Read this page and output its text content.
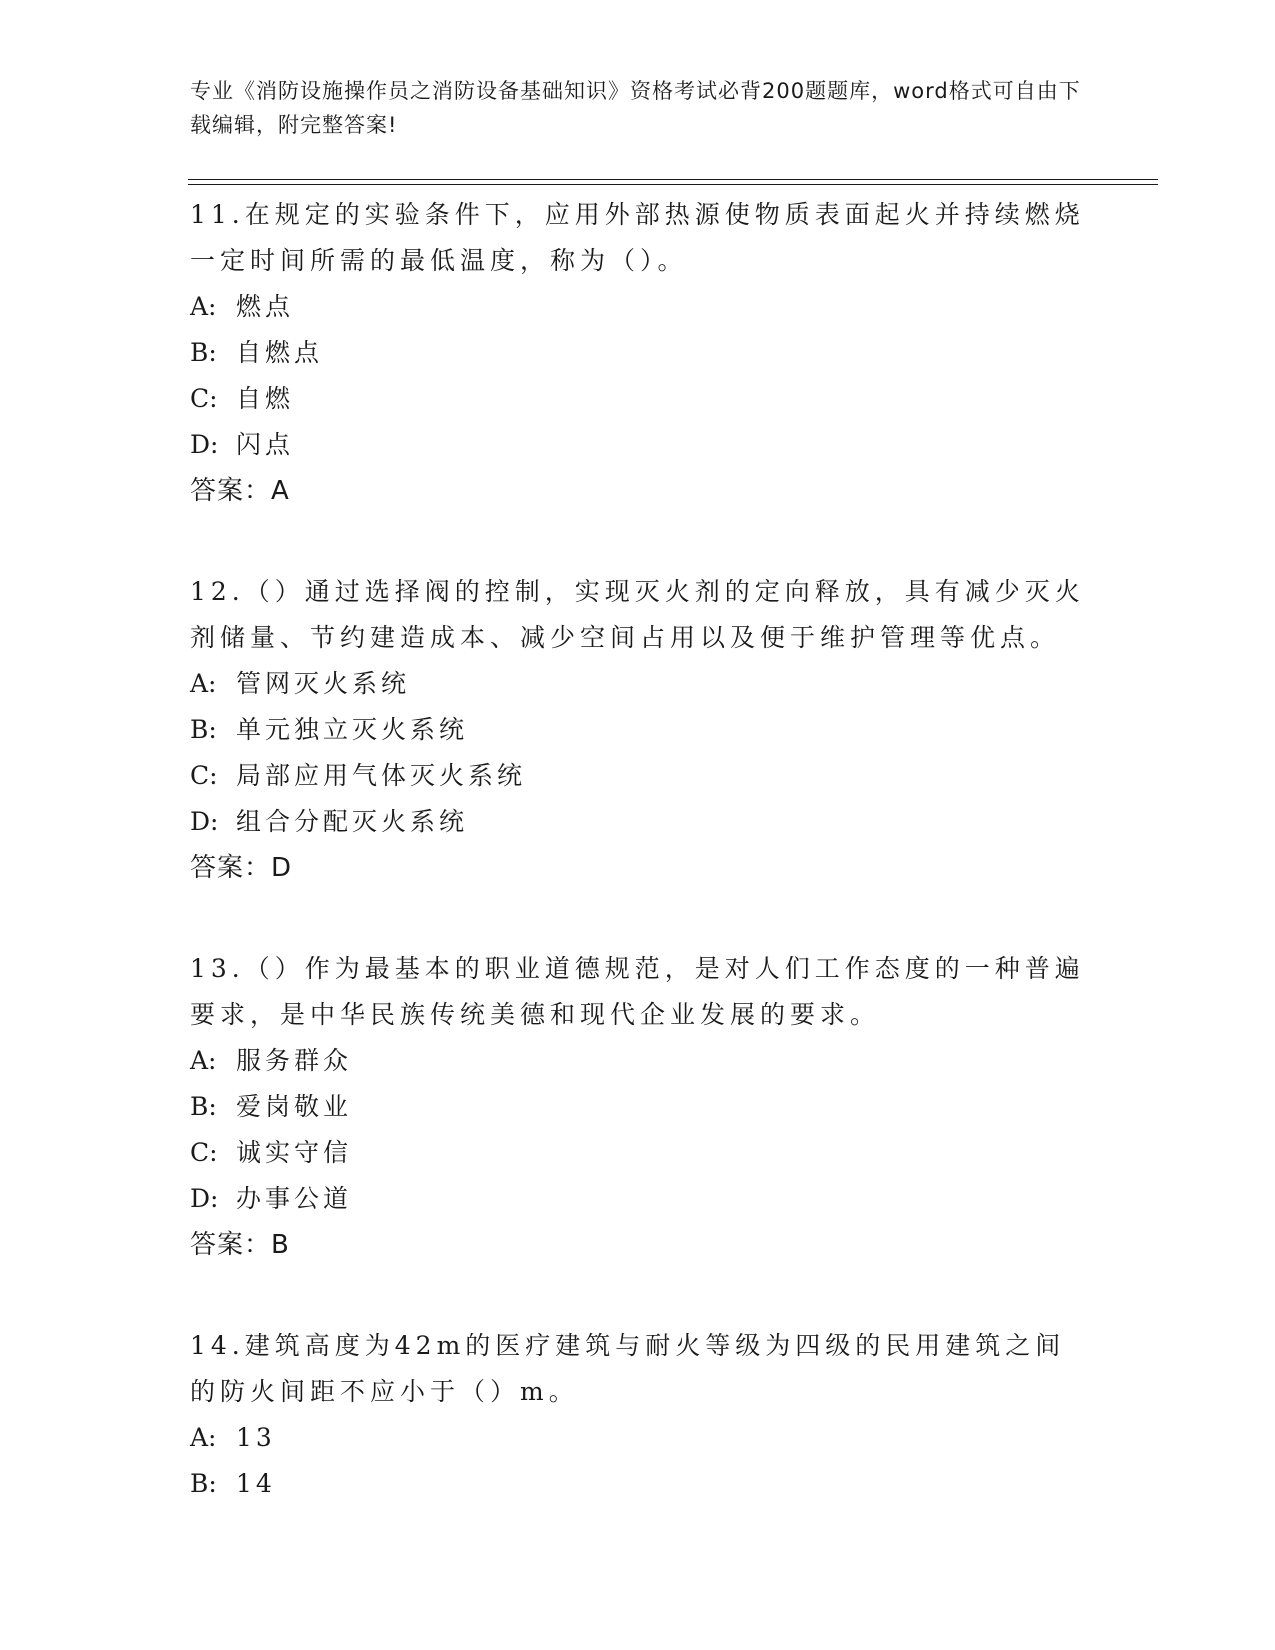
专业《消防设施操作员之消防设备基础知识》资格考试必背200题题库，word格式可自由下载编辑，附完整答案!
11.在规定的实验条件下，应用外部热源使物质表面起火并持续燃烧一定时间所需的最低温度，称为（）。
A: 燃点
B: 自燃点
C: 自燃
D: 闪点
答案：A
12.（）通过选择阀的控制，实现灭火剂的定向释放，具有减少灭火剂储量、节约建造成本、减少空间占用以及便于维护管理等优点。
A: 管网灭火系统
B: 单元独立灭火系统
C: 局部应用气体灭火系统
D: 组合分配灭火系统
答案：D
13.（）作为最基本的职业道德规范，是对人们工作态度的一种普遍要求，是中华民族传统美德和现代企业发展的要求。
A: 服务群众
B: 爱岗敬业
C: 诚实守信
D: 办事公道
答案：B
14.建筑高度为42m的医疗建筑与耐火等级为四级的民用建筑之间的防火间距不应小于（）m。
A: 13
B: 14
